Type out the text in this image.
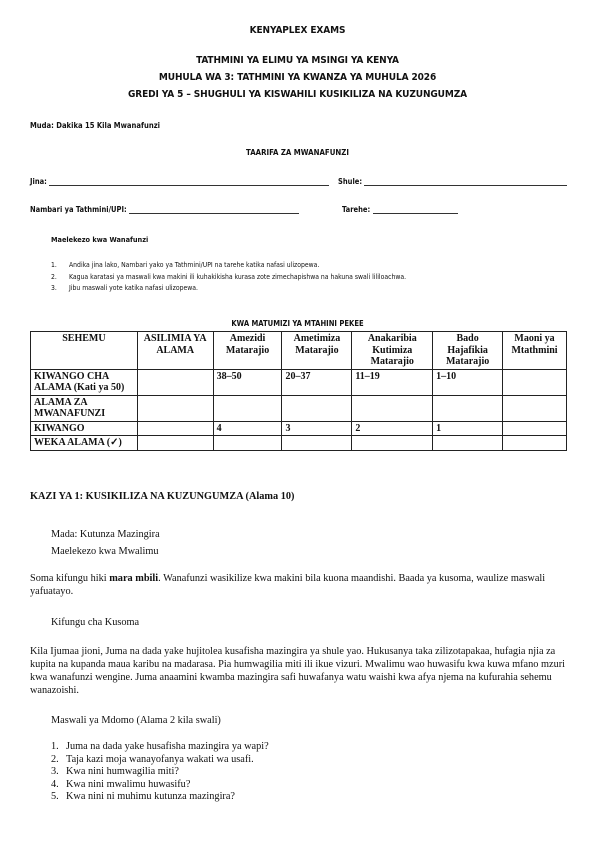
KENYAPLEX EXAMS
TATHMINI YA ELIMU YA MSINGI YA KENYA
MUHULA WA 3: TATHMINI YA KWANZA YA MUHULA 2026
GREDI YA 5 – SHUGHULI YA KISWAHILI KUSIKILIZA NA KUZUNGUMZA
Muda: Dakika 15 Kila Mwanafunzi
TAARIFA ZA MWANAFUNZI
Jina:	Shule:
Nambari ya Tathmini/UPI:	Tarehe:
Maelekezo kwa Wanafunzi
1. Andika jina lako, Nambari yako ya Tathmini/UPI na tarehe katika nafasi ulizopewa.
2. Kagua karatasi ya maswali kwa makini ili kuhakikisha kurasa zote zimechapishwa na hakuna swali lililoachwa.
3. Jibu maswali yote katika nafasi ulizopewa.
KWA MATUMIZI YA MTAHINI PEKEE
SEHEMU	ASILIMIA YA ALAMA	Amezidi Matarajio	Ametimiza Matarajio	Anakaribia Kutimiza Matarajio	Bado Hajafikia Matarajio	Maoni ya Mtathmini
KIWANGO CHA ALAMA (Kati ya 50)		38–50	20–37	11–19	1–10	
ALAMA ZA MWANAFUNZI						
KIWANGO		4	3	2	1	
WEKA ALAMA (✓)						
KAZI YA 1: KUSIKILIZA NA KUZUNGUMZA (Alama 10)
Mada: Kutunza Mazingira
Maelekezo kwa Mwalimu
Soma kifungu hiki mara mbili. Wanafunzi wasikilize kwa makini bila kuona maandishi. Baada ya kusoma, waulize maswali yafuatayo.
Kifungu cha Kusoma
Kila Ijumaa jioni, Juma na dada yake hujitolea kusafisha mazingira ya shule yao. Hukusanya taka zilizotapakaa, hufagia njia za kupita na kupanda maua karibu na madarasa. Pia humwagilia miti ili ikue vizuri. Mwalimu wao huwasifu kwa kuwa mfano mzuri kwa wanafunzi wengine. Juma anaamini kwamba mazingira safi huwafanya watu waishi kwa afya njema na kufurahia sehemu wanazoishi.
Maswali ya Mdomo (Alama 2 kila swali)
1. Juma na dada yake husafisha mazingira ya wapi?
2. Taja kazi moja wanayofanya wakati wa usafi.
3. Kwa nini humwagilia miti?
4. Kwa nini mwalimu huwasifu?
5. Kwa nini ni muhimu kutunza mazingira?
